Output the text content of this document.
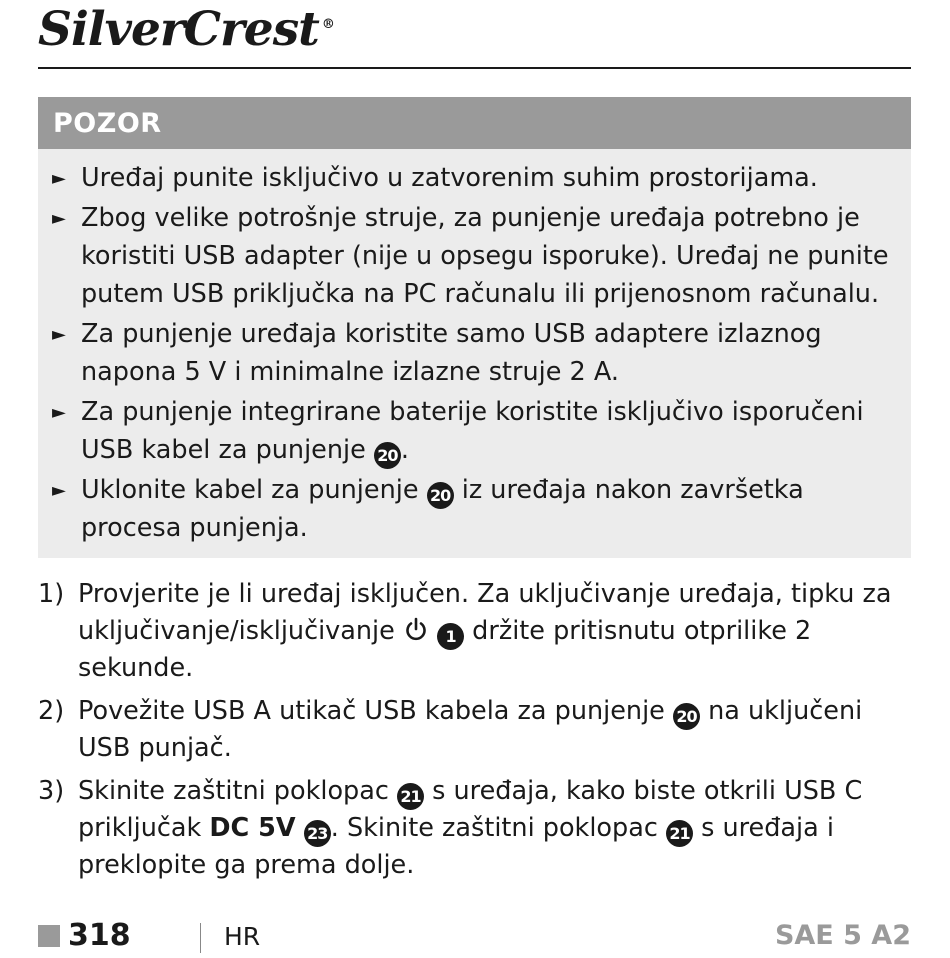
SilverCrest ®
POZOR
► Uređaj punite isključivo u zatvorenim suhim prostorijama.
► Zbog velike potrošnje struje, za punjenje uređaja potrebno je koristiti USB adapter (nije u opsegu isporuke). Uređaj ne punite putem USB priključka na PC računalu ili prijenosnom računalu.
► Za punjenje uređaja koristite samo USB adaptere izlaznog napona 5 V i minimalne izlazne struje 2 A.
► Za punjenje integrirane baterije koristite isključivo isporučeni USB kabel za punjenje 20 .
► Uklonite kabel za punjenje 20 iz uređaja nakon završetka procesa punjenja.
1) Provjerite je li uređaj isključen. Za uključivanje uređaja, tipku za uključivanje/isključivanje	1 držite pritisnutu otprilike 2 sekunde.
2) Povežite USB A utikač USB kabela za punjenje 20 na uključeni USB punjač.
3) Skinite zaštitni poklopac 21 s uređaja, kako biste otkrili USB C priključak DC 5V 23 . Skinite zaštitni poklopac 21 s uređaja i preklopite ga prema dolje.
318	HR	SAE 5 A2
